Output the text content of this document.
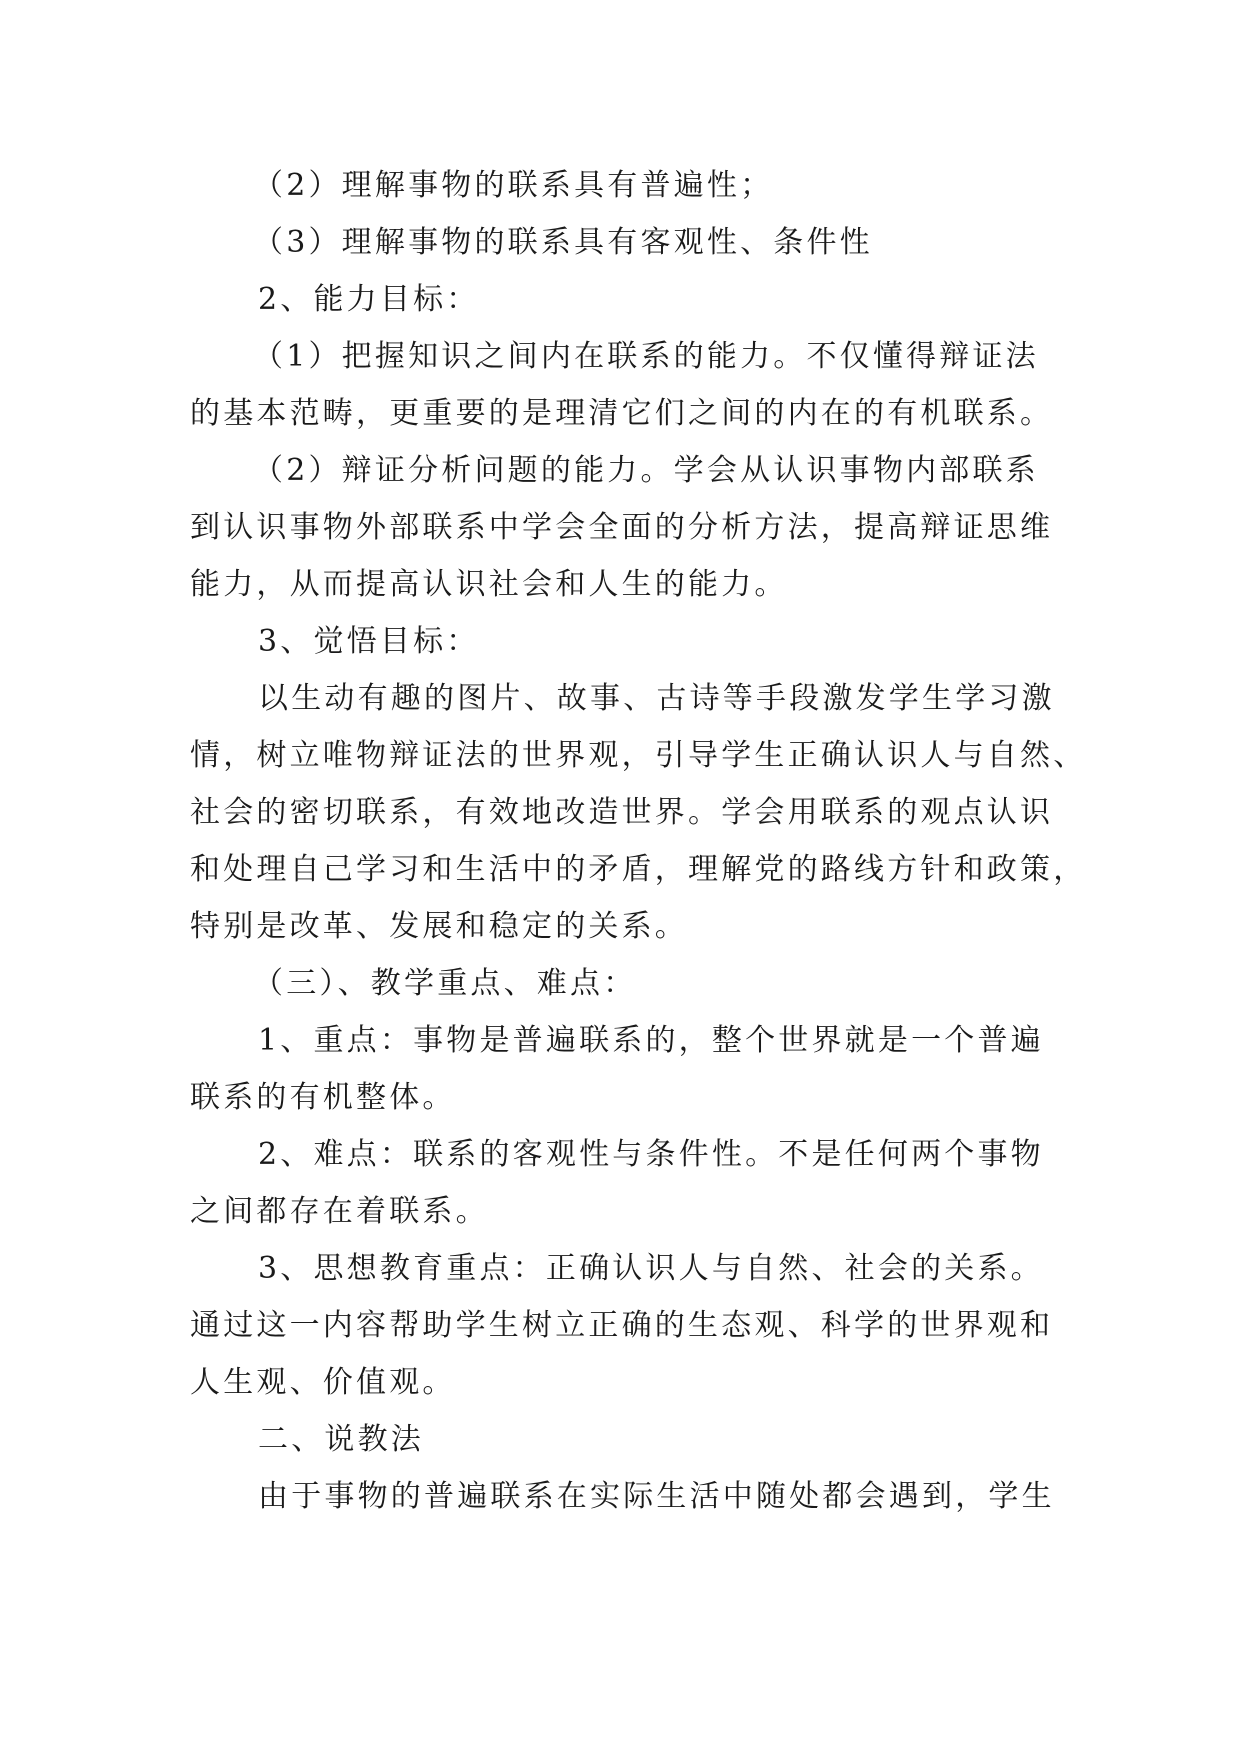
（2）理解事物的联系具有普遍性；
（3）理解事物的联系具有客观性、条件性
2、能力目标：
（1）把握知识之间内在联系的能力。不仅懂得辩证法
的基本范畴，更重要的是理清它们之间的内在的有机联系。
（2）辩证分析问题的能力。学会从认识事物内部联系
到认识事物外部联系中学会全面的分析方法，提高辩证思维
能力，从而提高认识社会和人生的能力。
3、觉悟目标：
以生动有趣的图片、故事、古诗等手段激发学生学习激
情，树立唯物辩证法的世界观，引导学生正确认识人与自然、
社会的密切联系，有效地改造世界。学会用联系的观点认识
和处理自己学习和生活中的矛盾，理解党的路线方针和政策，
特别是改革、发展和稳定的关系。
（三）、教学重点、难点：
1、重点：事物是普遍联系的，整个世界就是一个普遍
联系的有机整体。
2、难点：联系的客观性与条件性。不是任何两个事物
之间都存在着联系。
3、思想教育重点：正确认识人与自然、社会的关系。
通过这一内容帮助学生树立正确的生态观、科学的世界观和
人生观、价值观。
二、说教法
由于事物的普遍联系在实际生活中随处都会遇到，学生
